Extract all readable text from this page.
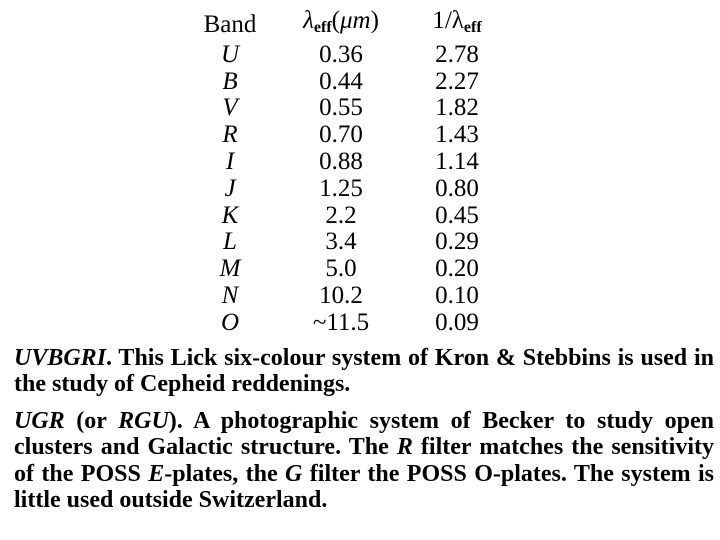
Band	$\lambda_{eff}(\mu m)$	$1/\lambda_{eff}$
U	0.36	2.78
B	0.44	2.27
V	0.55	1.82
R	0.70	1.43
I	0.88	1.14
J	1.25	0.80
K	2.2	0.45
L	3.4	0.29
M	5.0	0.20
N	10.2	0.10
O	~11.5	0.09

UVBGRI. This Lick six-colour system of Kron & Stebbins is used in the study of Cepheid reddenings.

UGR (or RGU). A photographic system of Becker to study open clusters and Galactic structure. The R filter matches the sensitivity of the POSS E-plates, the G filter the POSS O-plates. The system is little used outside Switzerland.
